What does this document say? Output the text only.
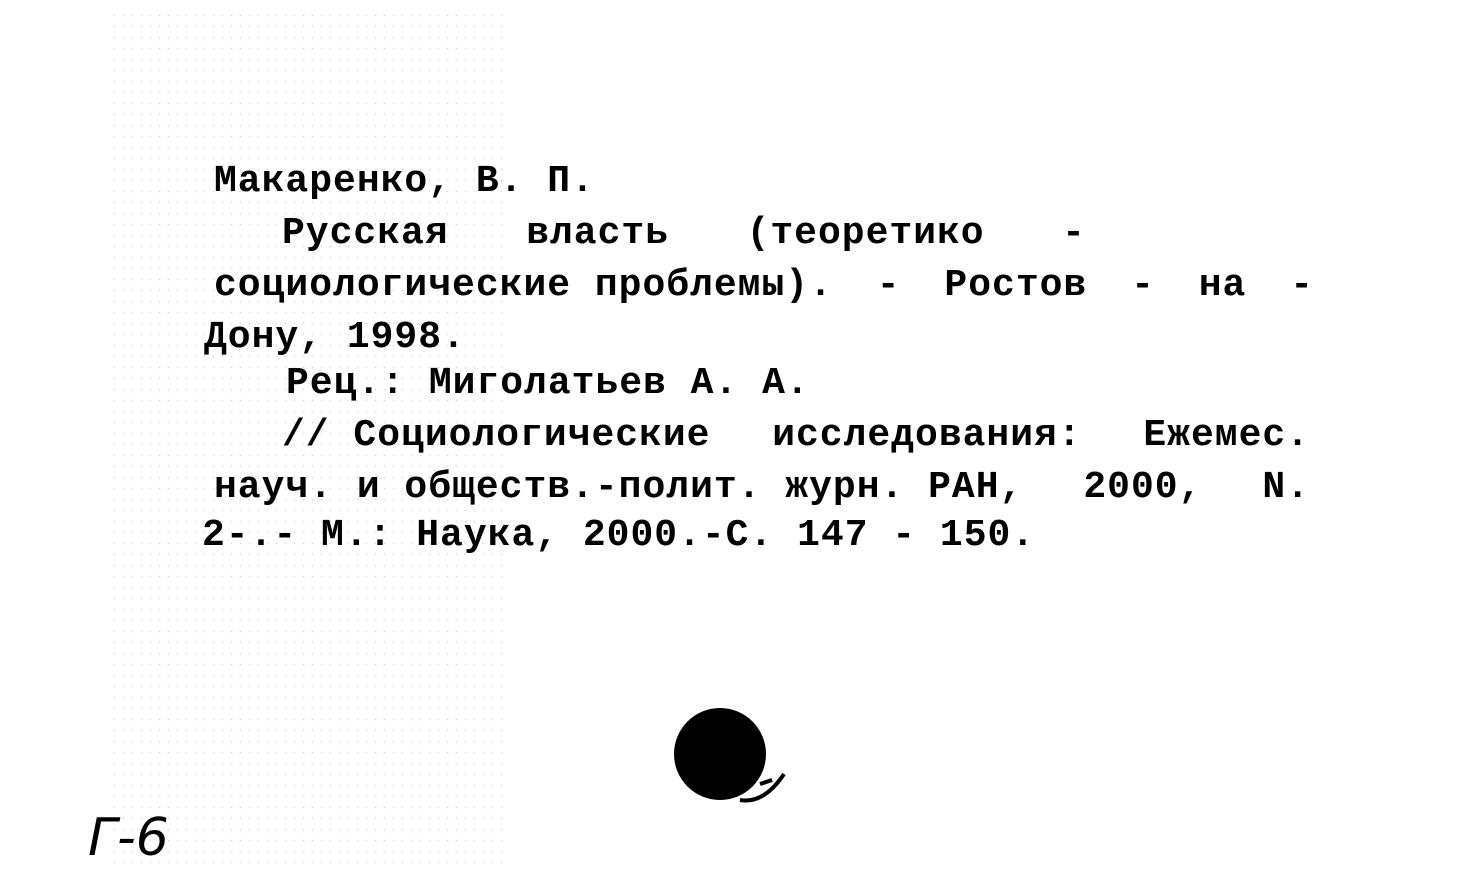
Макаренко, В. П.
Русская власть (теоретико -
социологические проблемы). - Ростов - на -
Дону, 1998.
Рец.: Миголатьев А. А.
// Социологические исследования: Ежемес.
науч. и обществ.-полит. журн. РАН, 2000, N.
2-.- М.: Наука, 2000.-С. 147 - 150.
Г-6
